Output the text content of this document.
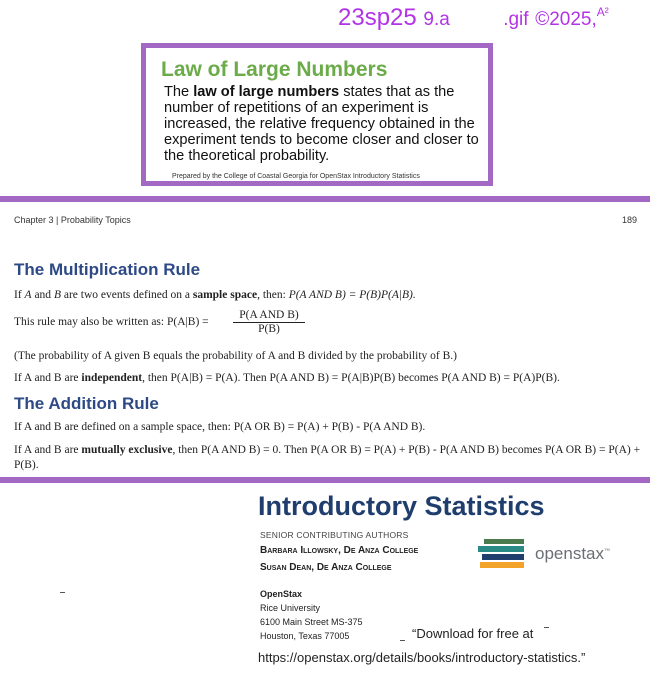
23sp25 9.a	.gif ©2025,$^{A^2}$
Law of Large Numbers
The law of large numbers states that as the number of repetitions of an experiment is increased, the relative frequency obtained in the experiment tends to become closer and closer to the theoretical probability.
Prepared by the College of Coastal Georgia for OpenStax Introductory Statistics
Chapter 3 | Probability Topics	189
The Multiplication Rule
If A and B are two events defined on a sample space, then: P(A AND B) = P(B)P(A|B).
This rule may also be written as: P(A|B) =
P(A AND B)
P(B)
(The probability of A given B equals the probability of A and B divided by the probability of B.)
If A and B are independent, then P(A|B) = P(A). Then P(A AND B) = P(A|B)P(B) becomes P(A AND B) = P(A)P(B).
The Addition Rule
If A and B are defined on a sample space, then: P(A OR B) = P(A) + P(B) - P(A AND B).
If A and B are mutually exclusive, then P(A AND B) = 0. Then P(A OR B) = P(A) + P(B) - P(A AND B) becomes P(A OR B) = P(A) + P(B).
Introductory Statistics
SENIOR CONTRIBUTING AUTHORS
Barbara Illowsky, De Anza College
Susan Dean, De Anza College
openstax™
OpenStax
Rice University
6100 Main Street MS-375
Houston, Texas 77005	“Download for free at
https://openstax.org/details/books/introductory-statistics.”
